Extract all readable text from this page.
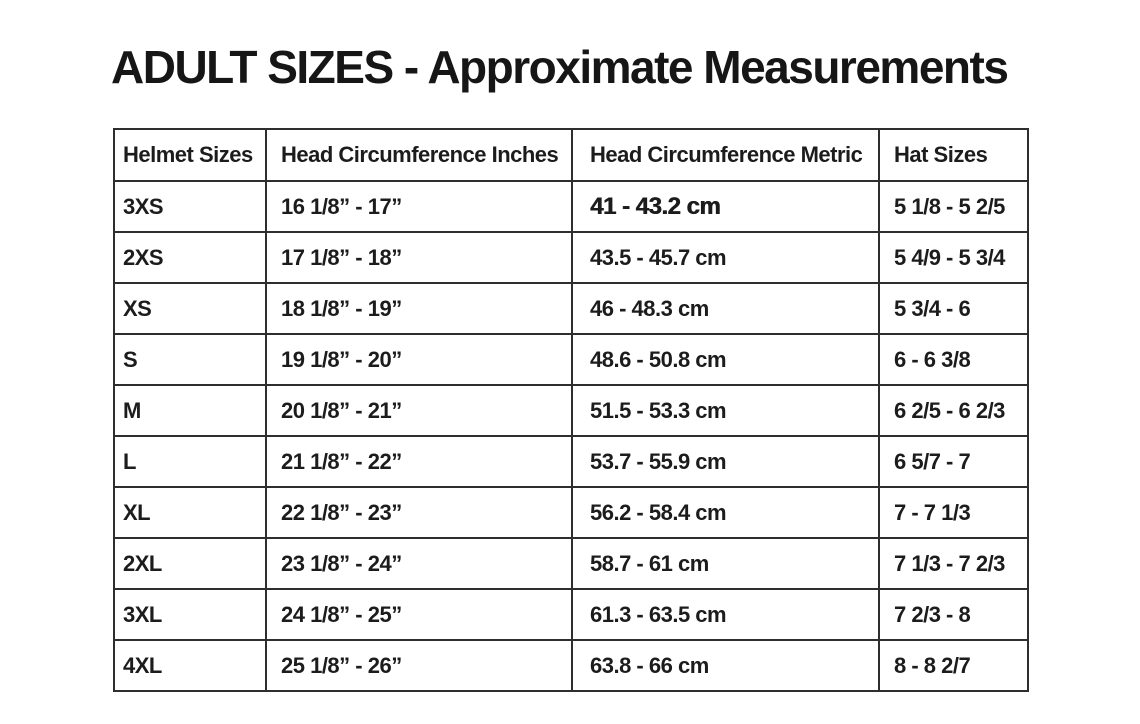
ADULT SIZES - Approximate Measurements
Helmet Sizes	Head Circumference Inches	Head Circumference Metric	Hat Sizes
3XS	16 1/8” - 17”	41 - 43.2 cm	5 1/8 - 5 2/5
2XS	17 1/8” - 18”	43.5 - 45.7 cm	5 4/9 - 5 3/4
XS	18 1/8” - 19”	46 - 48.3 cm	5 3/4 - 6
S	19 1/8” - 20”	48.6 - 50.8 cm	6 - 6 3/8
M	20 1/8” - 21”	51.5 - 53.3 cm	6 2/5 - 6 2/3
L	21 1/8” - 22”	53.7 - 55.9 cm	6 5/7 - 7
XL	22 1/8” - 23”	56.2 - 58.4 cm	7 - 7 1/3
2XL	23 1/8” - 24”	58.7 - 61 cm	7 1/3 - 7 2/3
3XL	24 1/8” - 25”	61.3 - 63.5 cm	7 2/3 - 8
4XL	25 1/8” - 26”	63.8 - 66 cm	8 - 8 2/7
